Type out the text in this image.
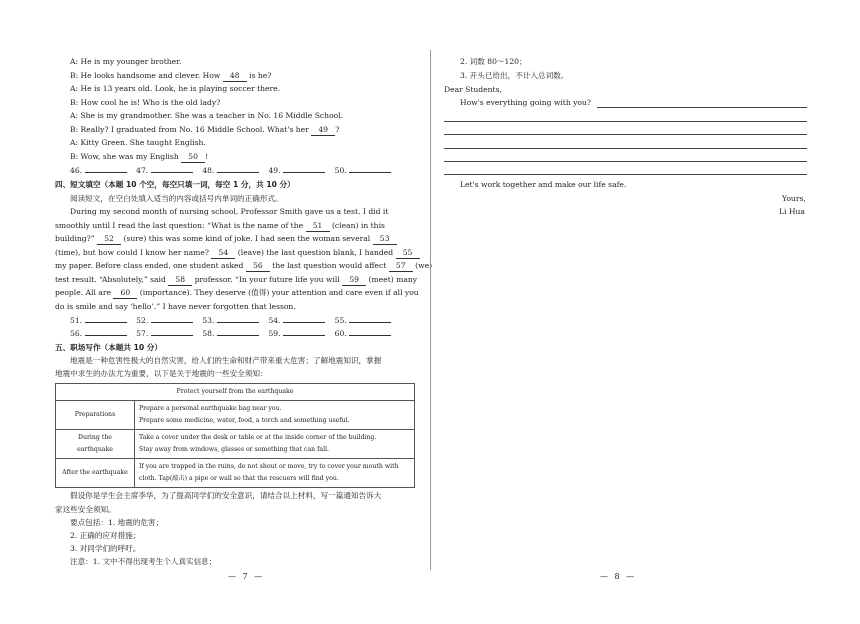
A: He is my younger brother.
B: He looks handsome and clever. How 48 is he?
A: He is 13 years old. Look, he is playing soccer there.
B: How cool he is! Who is the old lady?
A: She is my grandmother. She was a teacher in No. 16 Middle School.
B: Really? I graduated from No. 16 Middle School. What's her 49 ?
A: Kitty Green. She taught English.
B: Wow, she was my English 50 !
46.	47.	48.	49.	50.
四、短文填空（本题 10 个空，每空只填一词，每空 1 分，共 10 分）
阅读短文，在空白处填入适当的内容或括号内单词的正确形式。
During my second month of nursing school, Professor Smith gave us a test. I did it
smoothly until I read the last question: “What is the name of the 51 (clean) in this
building?” 52 (sure) this was some kind of joke. I had seen the woman several 53
(time), but how could I know her name? 54 (leave) the last question blank, I handed 55
my paper. Before class ended, one student asked 56 the last question would affect 57 (we)
test result. “Absolutely,” said 58 professor. “In your future life you will 59 (meet) many
people. All are 60 (importance). They deserve (值得) your attention and care even if all you
do is smile and say ‘hello’.” I have never forgotten that lesson.
51.	52.	53.	54.	55.
56.	57.	58.	59.	60.
五、职场写作（本题共 10 分）
地震是一种危害性极大的自然灾害，给人们的生命和财产带来重大危害；了解地震知识，掌握
地震中求生的办法尤为重要，以下是关于地震的一些安全须知：
Protect yourself from the earthquake	
Preparations	Prepare a personal earthquake bag near you.
Prepare some medicine, water, food, a torch and something useful.

During the earthquake	Take a cover under the desk or table or at the inside corner of the building.
Stay away from windows, glasses or something that can fall.

After the earthquake	If you are trapped in the ruins, do not shout or move, try to cover your mouth with
cloth. Tap(敲击) a pipe or wall so that the rescuers will find you.
假设你是学生会主席李华，为了提高同学们的安全意识，请结合以上材料，写一篇通知告诉大
家这些安全须知。
要点包括：1. 地震的危害；
2. 正确的应对措施；
3. 对同学们的呼吁。
注意：1. 文中不得出现考生个人真实信息；
— 7 —
2. 词数 80～120；
3. 开头已给出，不计入总词数。
Dear Students,
How's everything going with you?
Yours,
Li Hua
Let's work together and make our life safe.
— 8 —
